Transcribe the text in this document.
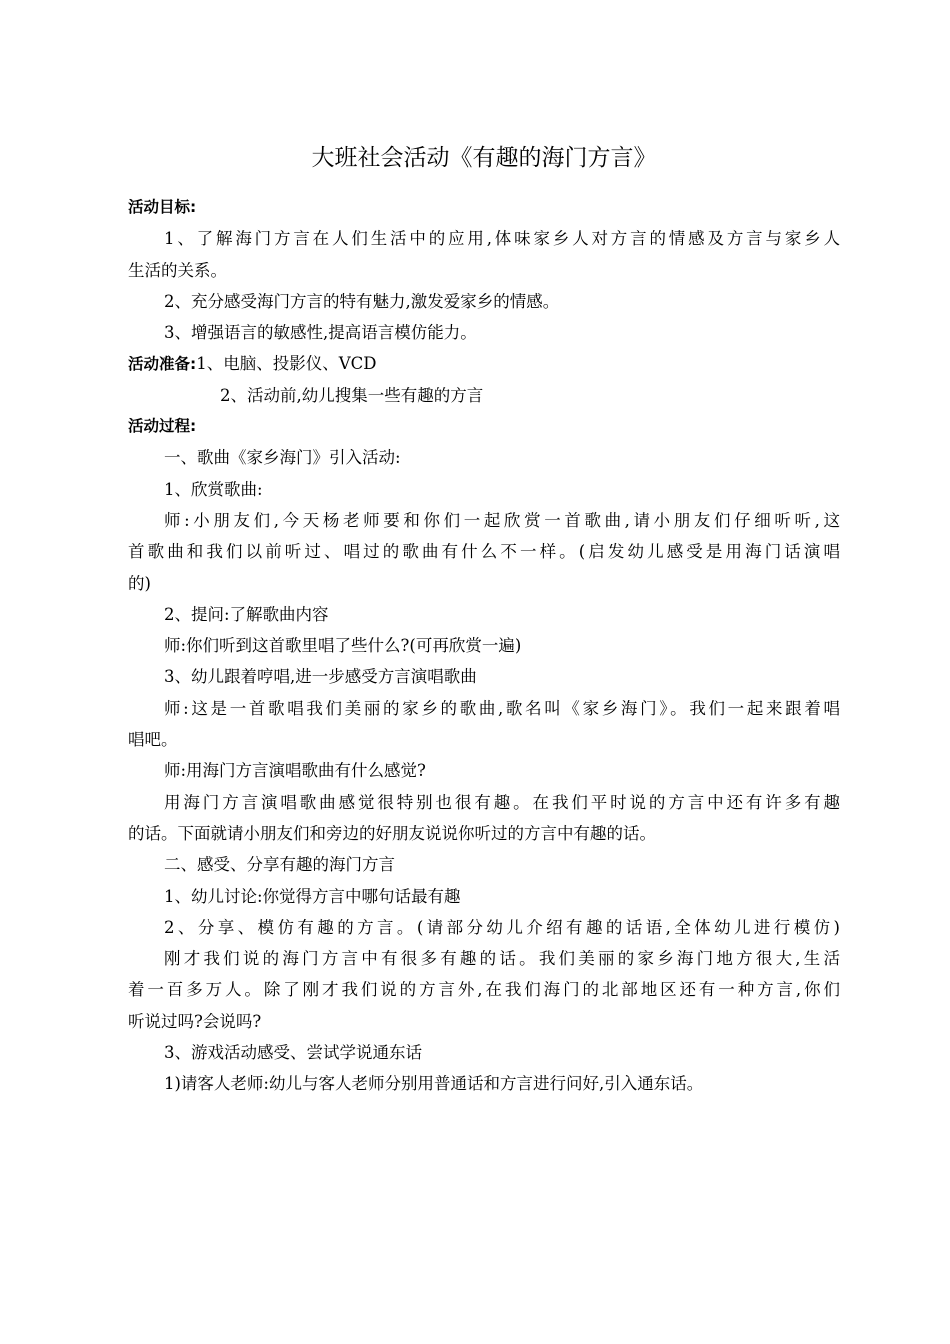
大班社会活动《有趣的海门方言》
活动目标:
1、了解海门方言在人们生活中的应用,体味家乡人对方言的情感及方言与家乡人
生活的关系。
2、充分感受海门方言的特有魅力,激发爱家乡的情感。
3、增强语言的敏感性,提高语言模仿能力。
活动准备:1、电脑、投影仪、VCD
2、活动前,幼儿搜集一些有趣的方言
活动过程:
一、歌曲《家乡海门》引入活动:
1、欣赏歌曲:
师:小朋友们,今天杨老师要和你们一起欣赏一首歌曲,请小朋友们仔细听听,这
首歌曲和我们以前听过、唱过的歌曲有什么不一样。(启发幼儿感受是用海门话演唱
的)
2、提问:了解歌曲内容
师:你们听到这首歌里唱了些什么?(可再欣赏一遍)
3、幼儿跟着哼唱,进一步感受方言演唱歌曲
师:这是一首歌唱我们美丽的家乡的歌曲,歌名叫《家乡海门》。我们一起来跟着唱
唱吧。
师:用海门方言演唱歌曲有什么感觉?
用海门方言演唱歌曲感觉很特别也很有趣。在我们平时说的方言中还有许多有趣
的话。下面就请小朋友们和旁边的好朋友说说你听过的方言中有趣的话。
二、感受、分享有趣的海门方言
1、幼儿讨论:你觉得方言中哪句话最有趣
2、分享、模仿有趣的方言。(请部分幼儿介绍有趣的话语,全体幼儿进行模仿)
刚才我们说的海门方言中有很多有趣的话。我们美丽的家乡海门地方很大,生活
着一百多万人。除了刚才我们说的方言外,在我们海门的北部地区还有一种方言,你们
听说过吗?会说吗?
3、游戏活动感受、尝试学说通东话
1)请客人老师:幼儿与客人老师分别用普通话和方言进行问好,引入通东话。
